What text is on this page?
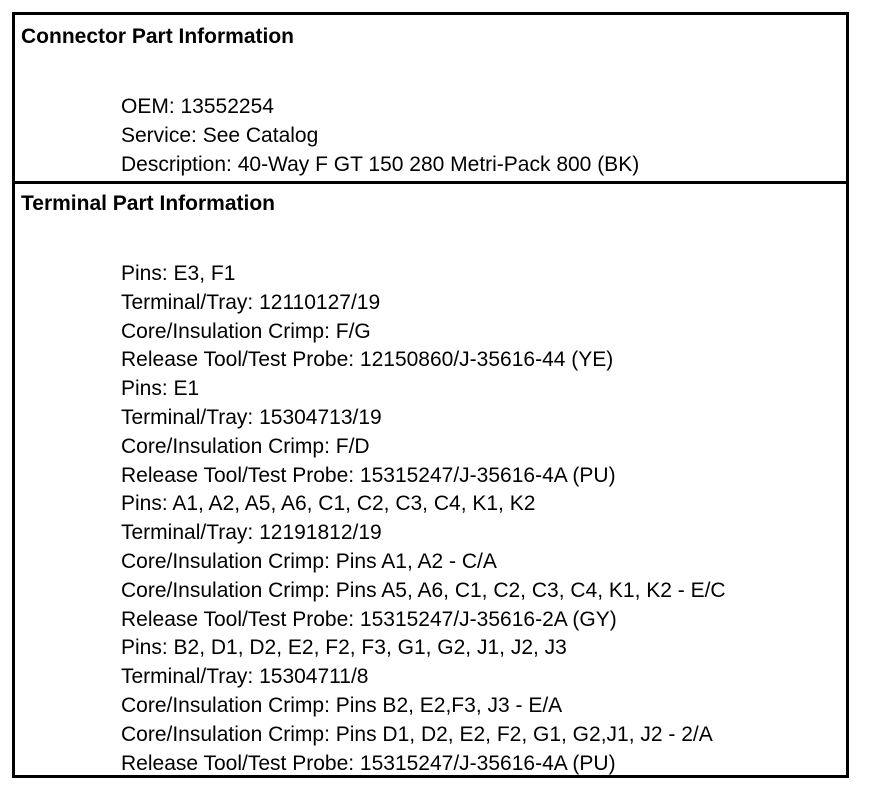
Connector Part Information
OEM: 13552254
Service: See Catalog
Description: 40-Way F GT 150 280 Metri-Pack 800 (BK)
Terminal Part Information
Pins: E3, F1
Terminal/Tray: 12110127/19
Core/Insulation Crimp: F/G
Release Tool/Test Probe: 12150860/J-35616-44 (YE)
Pins: E1
Terminal/Tray: 15304713/19
Core/Insulation Crimp: F/D
Release Tool/Test Probe: 15315247/J-35616-4A (PU)
Pins: A1, A2, A5, A6, C1, C2, C3, C4, K1, K2
Terminal/Tray: 12191812/19
Core/Insulation Crimp: Pins A1, A2 - C/A
Core/Insulation Crimp: Pins A5, A6, C1, C2, C3, C4, K1, K2 - E/C
Release Tool/Test Probe: 15315247/J-35616-2A (GY)
Pins: B2, D1, D2, E2, F2, F3, G1, G2, J1, J2, J3
Terminal/Tray: 15304711/8
Core/Insulation Crimp: Pins B2, E2,F3, J3 - E/A
Core/Insulation Crimp: Pins D1, D2, E2, F2, G1, G2,J1, J2 - 2/A
Release Tool/Test Probe: 15315247/J-35616-4A (PU)
